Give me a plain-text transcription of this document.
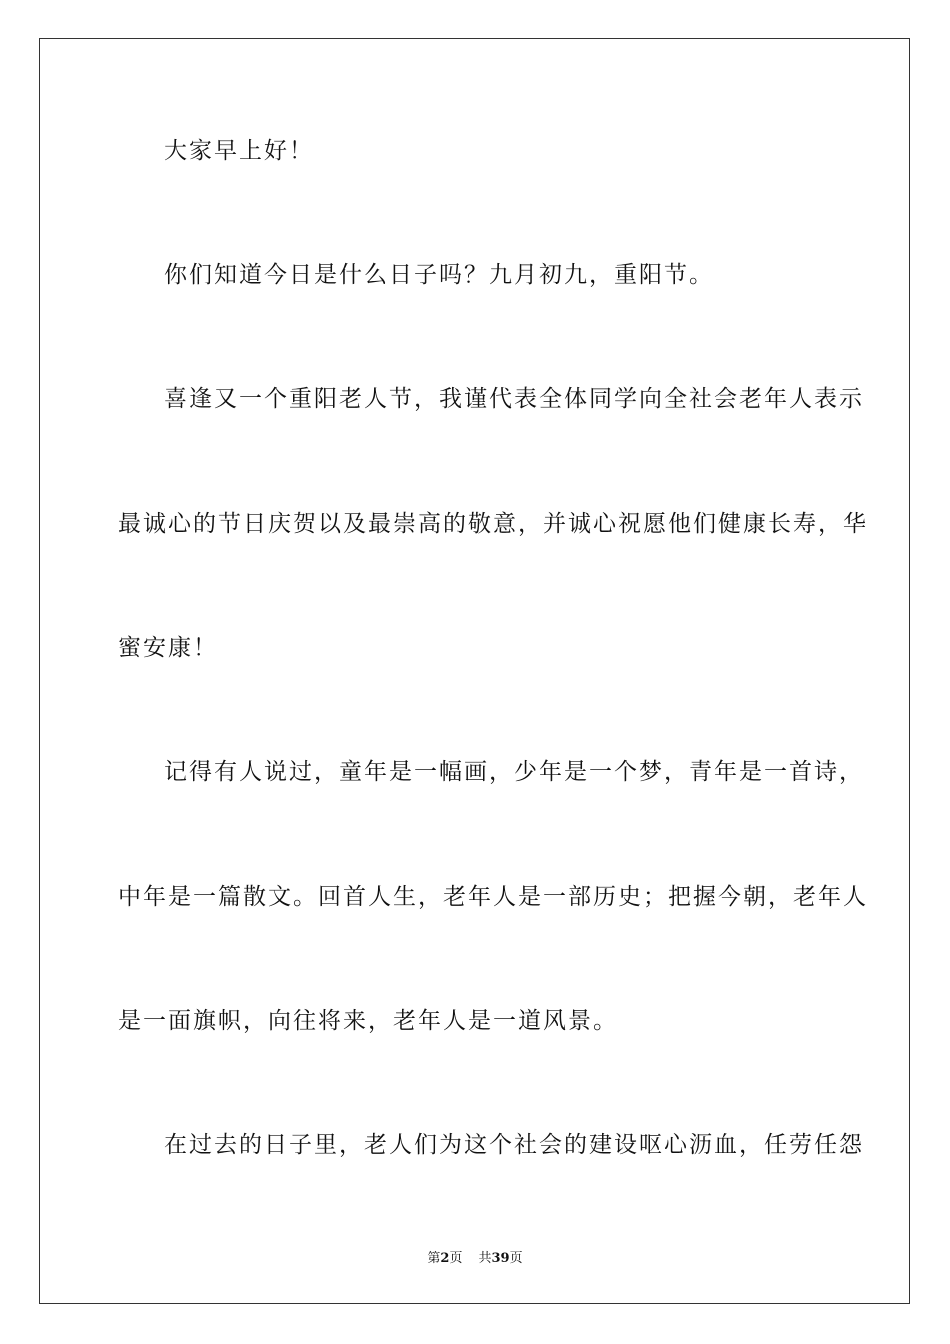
大家早上好！
你们知道今日是什么日子吗？九月初九，重阳节。
喜逢又一个重阳老人节，我谨代表全体同学向全社会老年人表示
最诚心的节日庆贺以及最崇高的敬意，并诚心祝愿他们健康长寿，华
蜜安康！
记得有人说过，童年是一幅画，少年是一个梦，青年是一首诗，
中年是一篇散文。回首人生，老年人是一部历史；把握今朝，老年人
是一面旗帜，向往将来，老年人是一道风景。
在过去的日子里，老人们为这个社会的建设呕心沥血，任劳任怨
第2页 共39页
